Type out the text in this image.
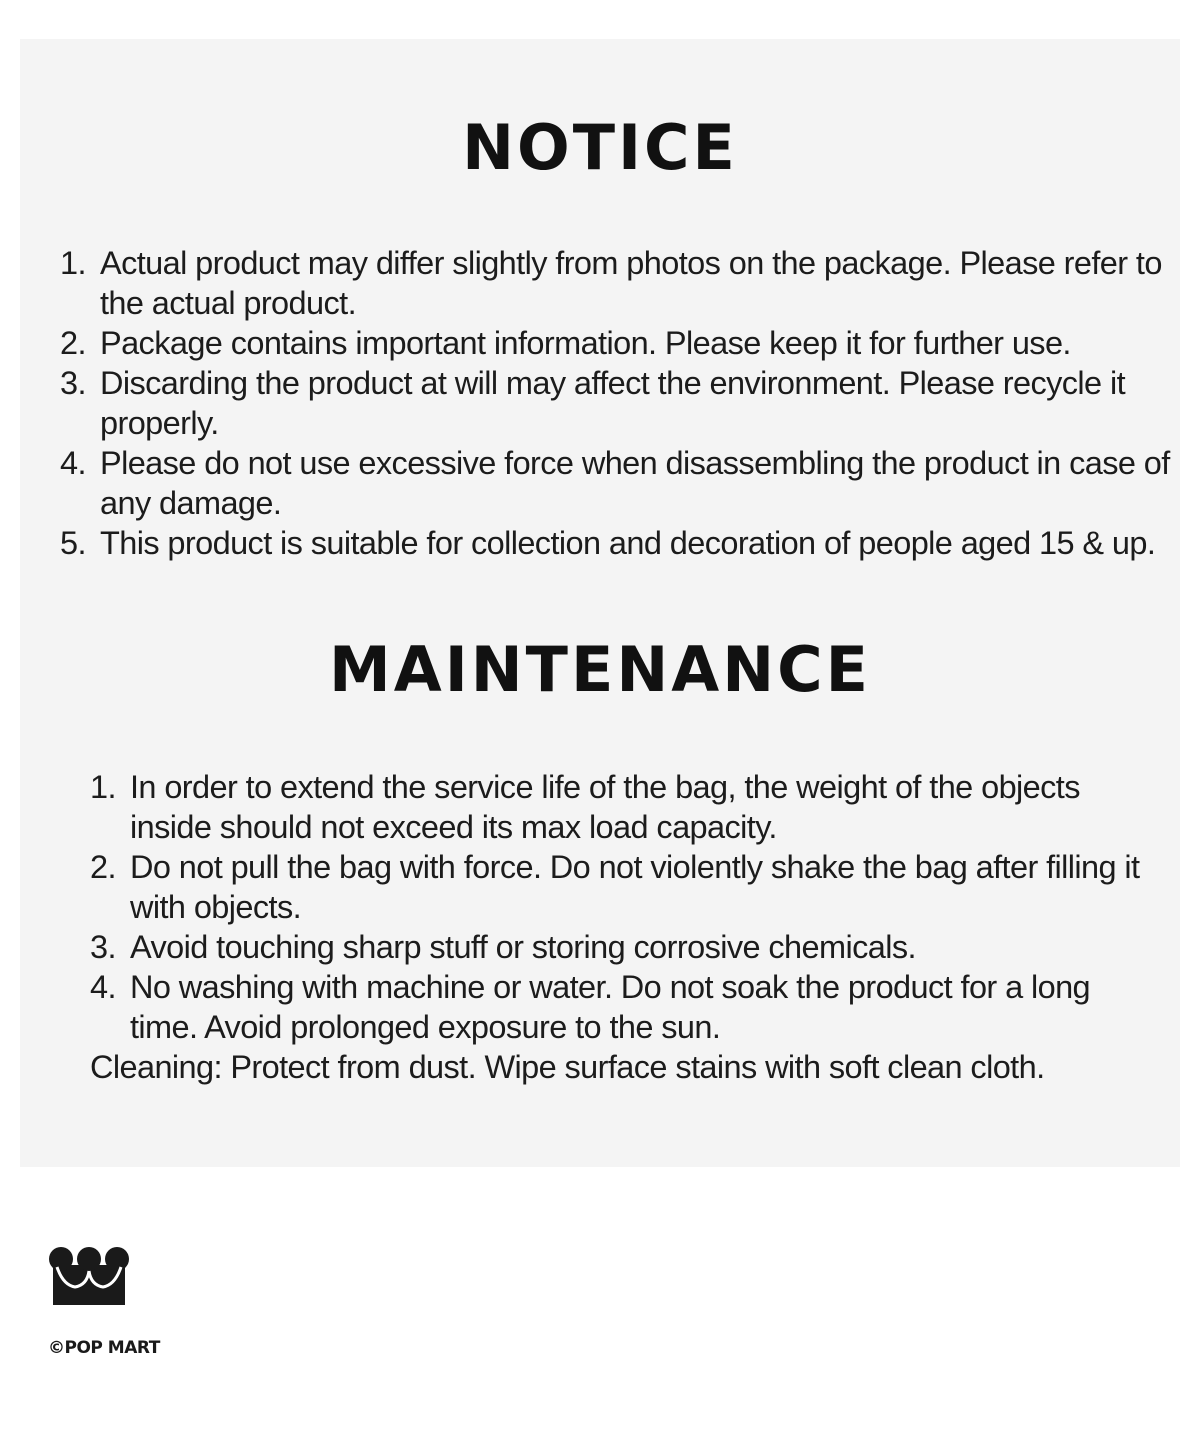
NOTICE
1. Actual product may differ slightly from photos on the package. Please refer to the actual product.
2. Package contains important information. Please keep it for further use.
3. Discarding the product at will may affect the environment. Please recycle it properly.
4. Please do not use excessive force when disassembling the product in case of any damage.
5. This product is suitable for collection and decoration of people aged 15 & up.
MAINTENANCE
1. In order to extend the service life of the bag, the weight of the objects inside should not exceed its max load capacity.
2. Do not pull the bag with force. Do not violently shake the bag after filling it with objects.
3. Avoid touching sharp stuff or storing corrosive chemicals.
4. No washing with machine or water. Do not soak the product for a long time. Avoid prolonged exposure to the sun.
Cleaning: Protect from dust. Wipe surface stains with soft clean cloth.
©POP MART
